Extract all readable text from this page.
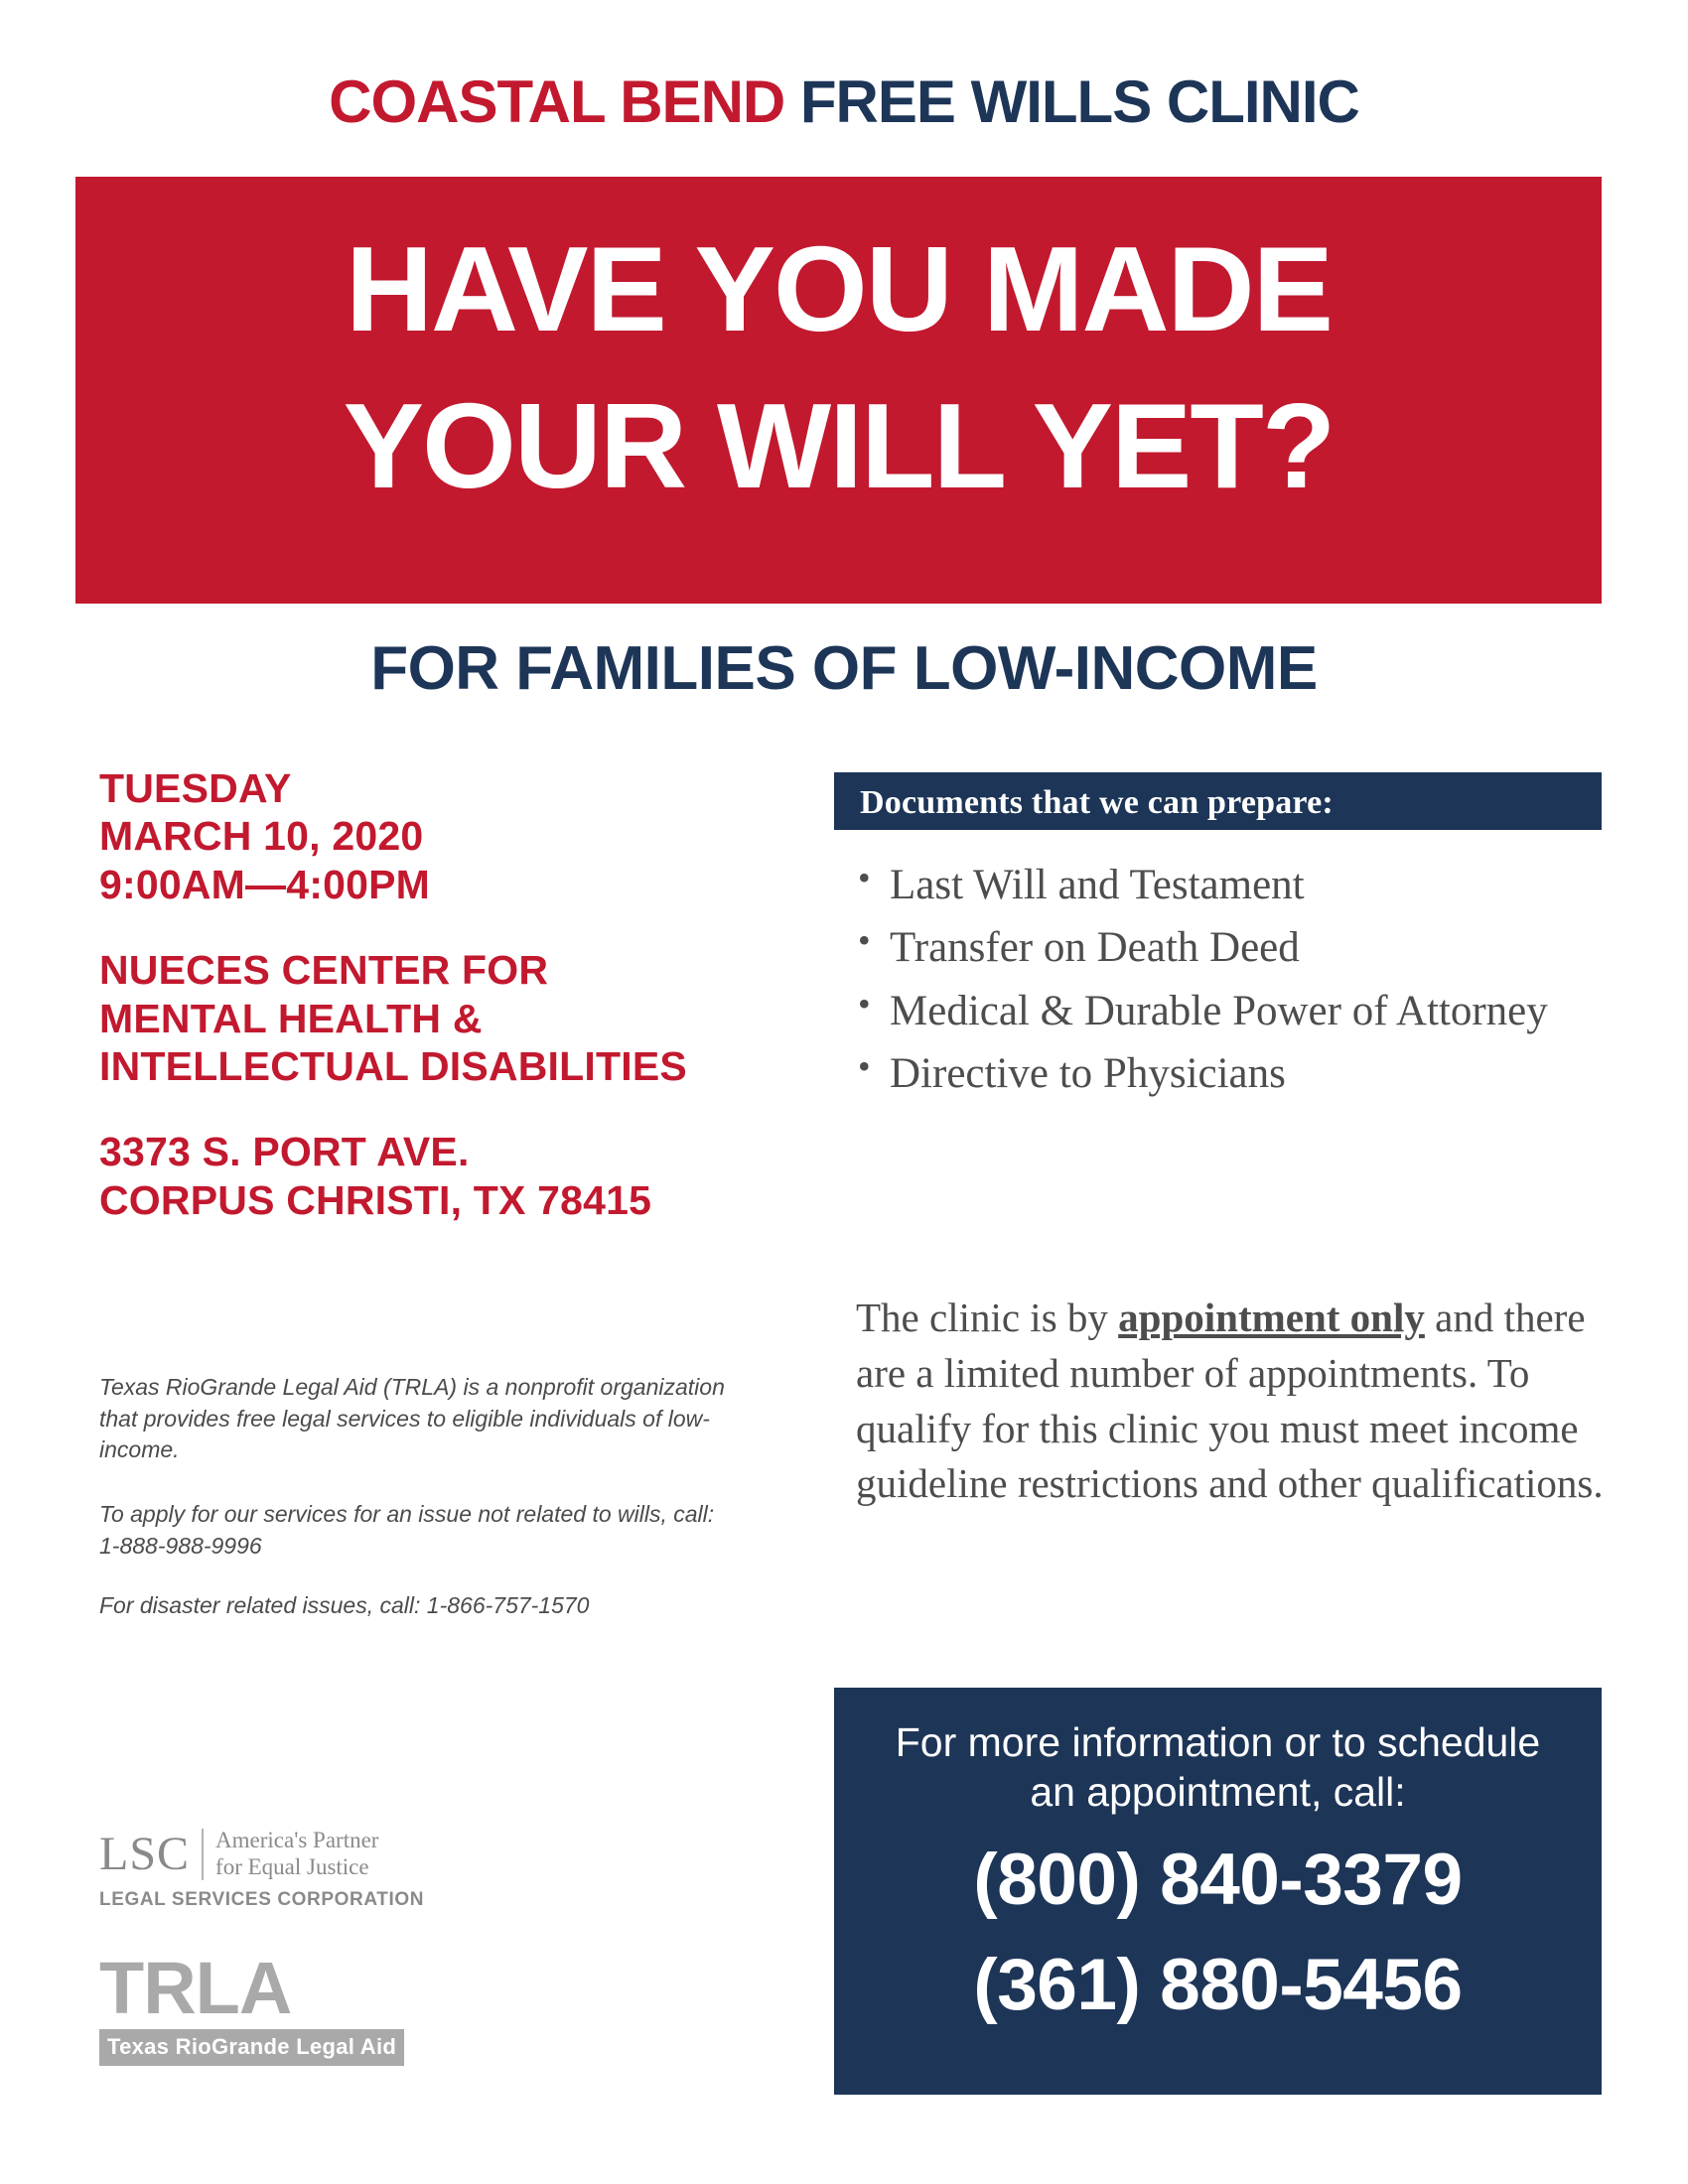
COASTAL BEND FREE WILLS CLINIC
HAVE YOU MADE
YOUR WILL YET?
FOR FAMILIES OF LOW-INCOME
TUESDAY
MARCH 10, 2020
9:00AM—4:00PM
NUECES CENTER FOR
MENTAL HEALTH &
INTELLECTUAL DISABILITIES
3373 S. PORT AVE.
CORPUS CHRISTI, TX 78415
Texas RioGrande Legal Aid (TRLA) is a nonprofit organization that provides free legal services to eligible individuals of low-income.
To apply for our services for an issue not related to wills, call: 1-888-988-9996
For disaster related issues, call: 1-866-757-1570
LSC	America's Partner
for Equal Justice
LEGAL SERVICES CORPORATION
TRLA
Texas RioGrande Legal Aid
Documents that we can prepare:
• Last Will and Testament
• Transfer on Death Deed
• Medical & Durable Power of Attorney
• Directive to Physicians
The clinic is by appointment only and there are a limited number of appointments. To qualify for this clinic you must meet income guideline restrictions and other qualifications.
For more information or to schedule an appointment, call:
(800) 840-3379
(361) 880-5456
